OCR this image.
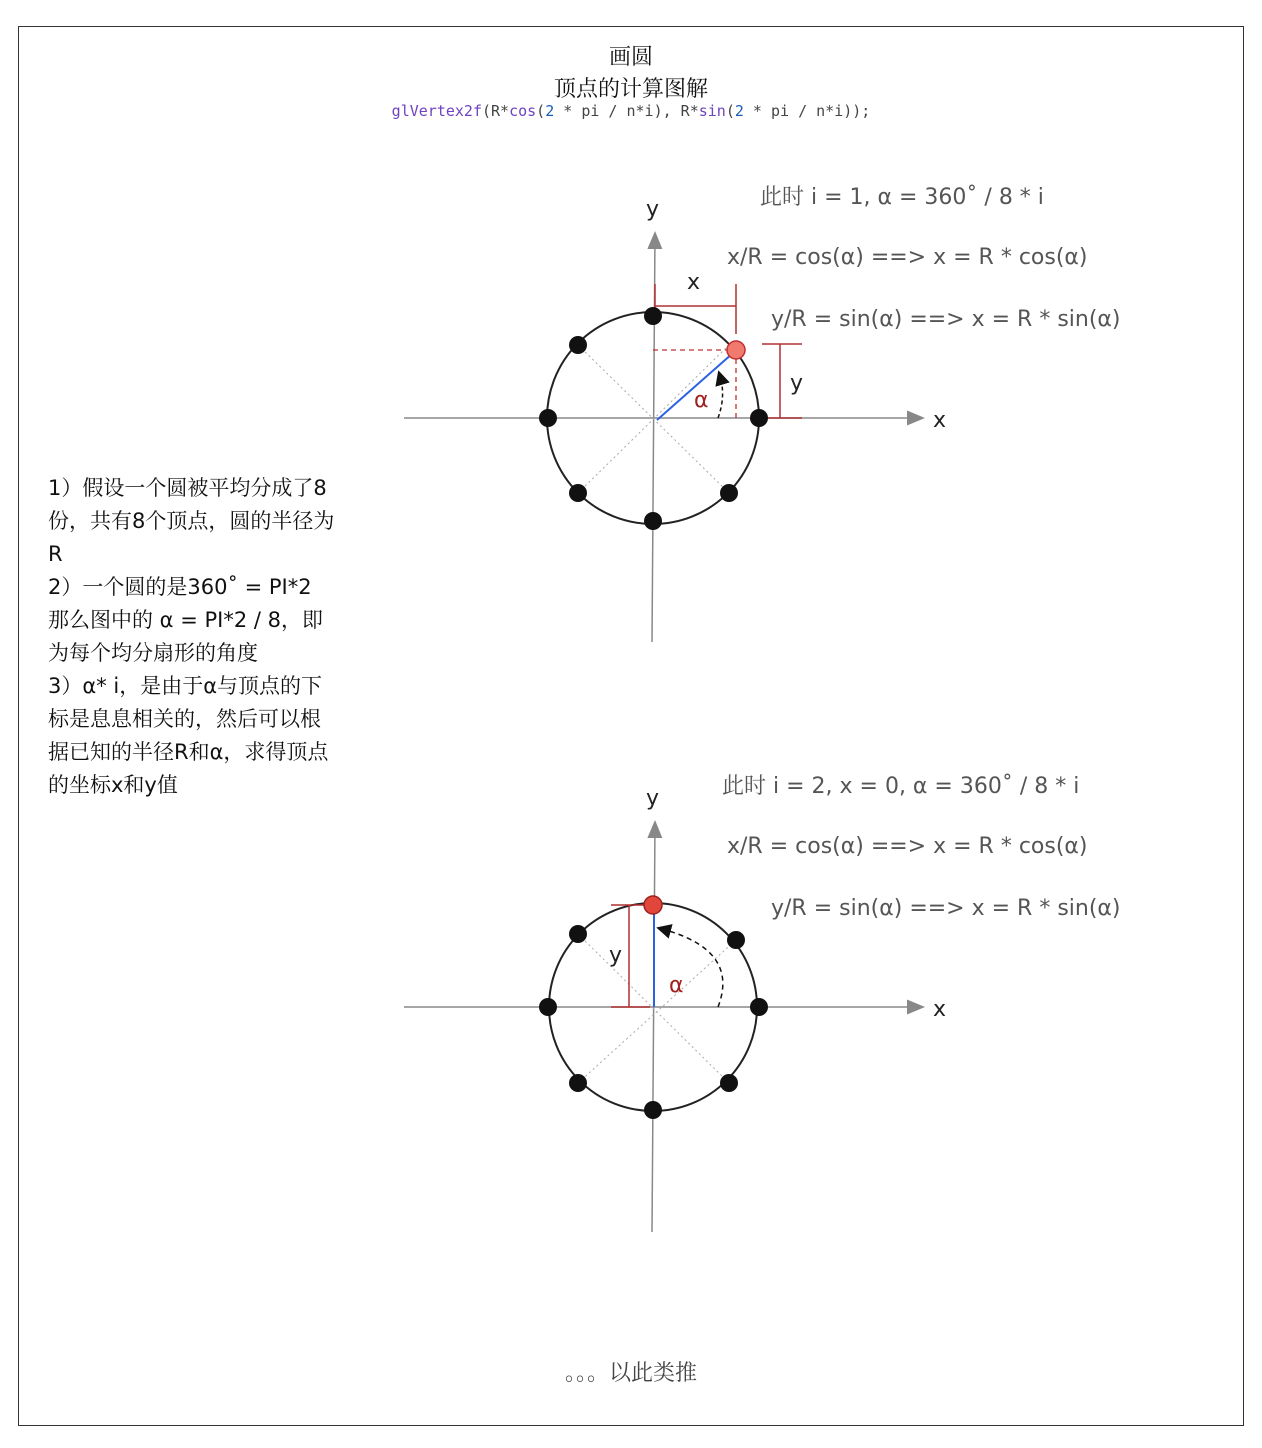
画圆
顶点的计算图解
glVertex2f(R*cos(2 * pi / n*i), R*sin(2 * pi / n*i));
1）假设一个圆被平均分成了8
份，共有8个顶点，圆的半径为
R
2）一个圆的是360˚ = PI*2
那么图中的 α = PI*2 / 8，即
为每个均分扇形的角度
3）α* i，是由于α与顶点的下
标是息息相关的，然后可以根
据已知的半径R和α，求得顶点
的坐标x和y值
x
y
α
x
y
此时 i = 1, α = 360˚ / 8 * i
x/R = cos(α) ==> x = R * cos(α)
y/R = sin(α) ==> x = R * sin(α)
x
y
α
y
此时 i = 2, x = 0, α = 360˚ / 8 * i
x/R = cos(α) ==> x = R * cos(α)
y/R = sin(α) ==> x = R * sin(α)
。。。以此类推
